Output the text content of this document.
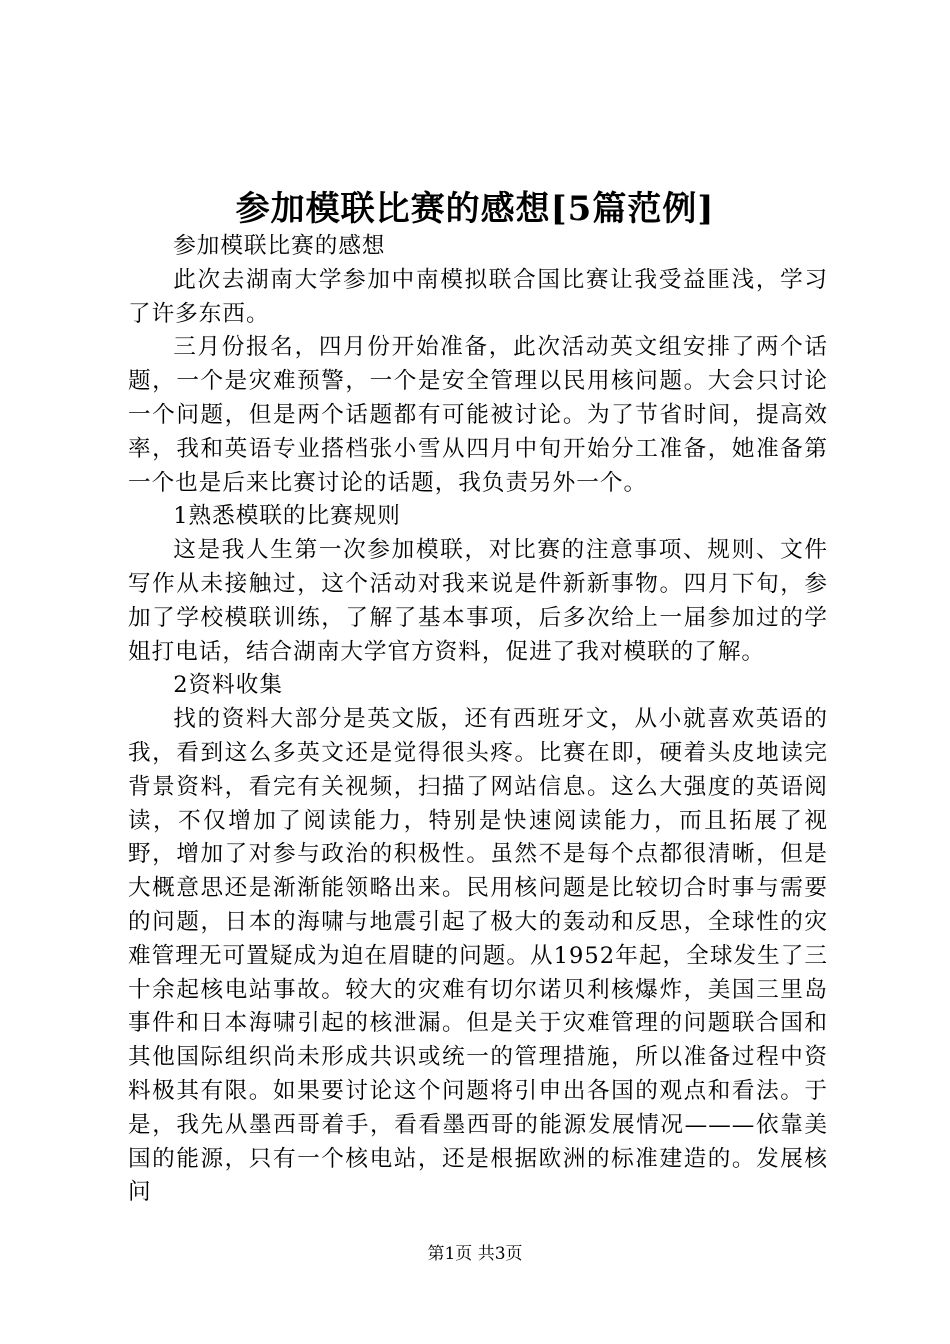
参加模联比赛的感想[5篇范例]

参加模联比赛的感想

此次去湖南大学参加中南模拟联合国比赛让我受益匪浅，学习了许多东西。

三月份报名，四月份开始准备，此次活动英文组安排了两个话题，一个是灾难预警，一个是安全管理以民用核问题。大会只讨论一个问题，但是两个话题都有可能被讨论。为了节省时间，提高效率，我和英语专业搭档张小雪从四月中旬开始分工准备，她准备第一个也是后来比赛讨论的话题，我负责另外一个。

1熟悉模联的比赛规则

这是我人生第一次参加模联，对比赛的注意事项、规则、文件写作从未接触过，这个活动对我来说是件新新事物。四月下旬，参加了学校模联训练，了解了基本事项，后多次给上一届参加过的学姐打电话，结合湖南大学官方资料，促进了我对模联的了解。

2资料收集

找的资料大部分是英文版，还有西班牙文，从小就喜欢英语的我，看到这么多英文还是觉得很头疼。比赛在即，硬着头皮地读完背景资料，看完有关视频，扫描了网站信息。这么大强度的英语阅读，不仅增加了阅读能力，特别是快速阅读能力，而且拓展了视野，增加了对参与政治的积极性。虽然不是每个点都很清晰，但是大概意思还是渐渐能领略出来。民用核问题是比较切合时事与需要的问题，日本的海啸与地震引起了极大的轰动和反思，全球性的灾难管理无可置疑成为迫在眉睫的问题。从1952年起，全球发生了三十余起核电站事故。较大的灾难有切尔诺贝利核爆炸，美国三里岛事件和日本海啸引起的核泄漏。但是关于灾难管理的问题联合国和其他国际组织尚未形成共识或统一的管理措施，所以准备过程中资料极其有限。如果要讨论这个问题将引申出各国的观点和看法。于是，我先从墨西哥着手，看看墨西哥的能源发展情况———依靠美国的能源，只有一个核电站，还是根据欧洲的标准建造的。发展核问

第1页 共3页
